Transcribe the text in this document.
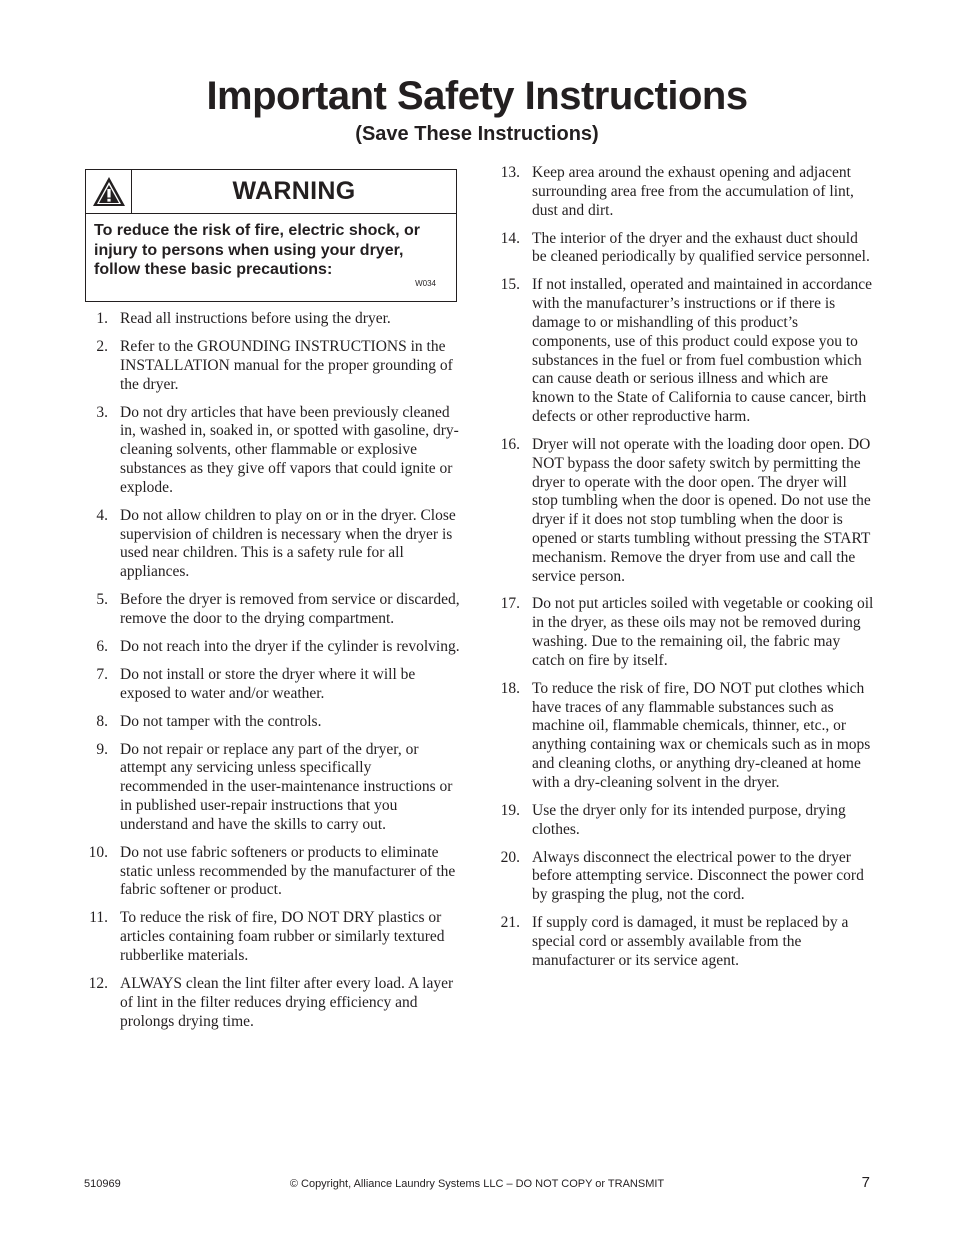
Important Safety Instructions
(Save These Instructions)
WARNING
To reduce the risk of fire, electric shock, or injury to persons when using your dryer, follow these basic precautions:
W034
1. Read all instructions before using the dryer.
2. Refer to the GROUNDING INSTRUCTIONS in the INSTALLATION manual for the proper grounding of the dryer.
3. Do not dry articles that have been previously cleaned in, washed in, soaked in, or spotted with gasoline, dry-cleaning solvents, other flammable or explosive substances as they give off vapors that could ignite or explode.
4. Do not allow children to play on or in the dryer. Close supervision of children is necessary when the dryer is used near children. This is a safety rule for all appliances.
5. Before the dryer is removed from service or discarded, remove the door to the drying compartment.
6. Do not reach into the dryer if the cylinder is revolving.
7. Do not install or store the dryer where it will be exposed to water and/or weather.
8. Do not tamper with the controls.
9. Do not repair or replace any part of the dryer, or attempt any servicing unless specifically recommended in the user-maintenance instructions or in published user-repair instructions that you understand and have the skills to carry out.
10. Do not use fabric softeners or products to eliminate static unless recommended by the manufacturer of the fabric softener or product.
11. To reduce the risk of fire, DO NOT DRY plastics or articles containing foam rubber or similarly textured rubberlike materials.
12. ALWAYS clean the lint filter after every load. A layer of lint in the filter reduces drying efficiency and prolongs drying time.
13. Keep area around the exhaust opening and adjacent surrounding area free from the accumulation of lint, dust and dirt.
14. The interior of the dryer and the exhaust duct should be cleaned periodically by qualified service personnel.
15. If not installed, operated and maintained in accordance with the manufacturer’s instructions or if there is damage to or mishandling of this product’s components, use of this product could expose you to substances in the fuel or from fuel combustion which can cause death or serious illness and which are known to the State of California to cause cancer, birth defects or other reproductive harm.
16. Dryer will not operate with the loading door open. DO NOT bypass the door safety switch by permitting the dryer to operate with the door open. The dryer will stop tumbling when the door is opened. Do not use the dryer if it does not stop tumbling when the door is opened or starts tumbling without pressing the START mechanism. Remove the dryer from use and call the service person.
17. Do not put articles soiled with vegetable or cooking oil in the dryer, as these oils may not be removed during washing. Due to the remaining oil, the fabric may catch on fire by itself.
18. To reduce the risk of fire, DO NOT put clothes which have traces of any flammable substances such as machine oil, flammable chemicals, thinner, etc., or anything containing wax or chemicals such as in mops and cleaning cloths, or anything dry-cleaned at home with a dry-cleaning solvent in the dryer.
19. Use the dryer only for its intended purpose, drying clothes.
20. Always disconnect the electrical power to the dryer before attempting service. Disconnect the power cord by grasping the plug, not the cord.
21. If supply cord is damaged, it must be replaced by a special cord or assembly available from the manufacturer or its service agent.
510969	© Copyright, Alliance Laundry Systems LLC – DO NOT COPY or TRANSMIT	7
